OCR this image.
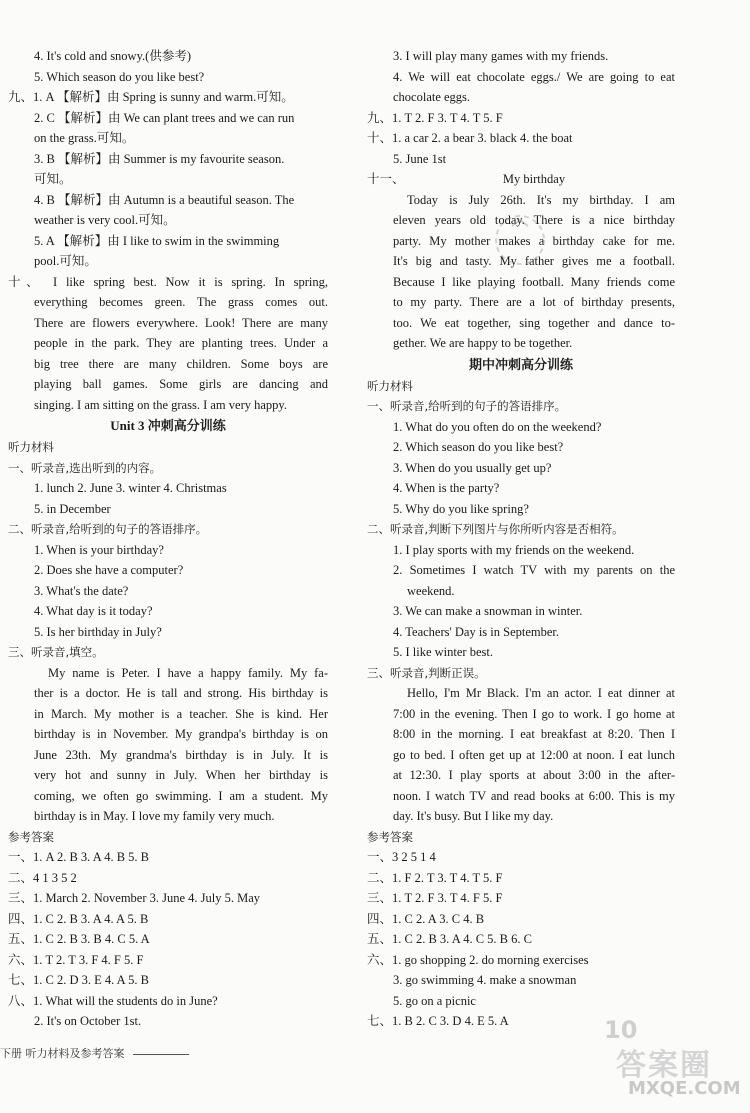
4. It's cold and snowy.(供参考)
5. Which season do you like best?
九、1. A 【解析】由 Spring is sunny and warm.可知。
2. C 【解析】由 We can plant trees and we can run
on the grass.可知。
3. B 【解析】由 Summer is my favourite season.
可知。
4. B 【解析】由 Autumn is a beautiful season. The
weather is very cool.可知。
5. A 【解析】由 I like to swim in the swimming
pool.可知。
十、 I like spring best. Now it is spring. In spring,
everything becomes green. The grass comes out.
There are flowers everywhere. Look! There are many
people in the park. They are planting trees. Under a
big tree there are many children. Some boys are
playing ball games. Some girls are dancing and
singing. I am sitting on the grass. I am very happy.
Unit 3 冲刺高分训练
听力材料
一、听录音,选出听到的内容。
1. lunch 2. June 3. winter 4. Christmas
5. in December
二、听录音,给听到的句子的答语排序。
1. When is your birthday?
2. Does she have a computer?
3. What's the date?
4. What day is it today?
5. Is her birthday in July?
三、听录音,填空。
My name is Peter. I have a happy family. My fa-
ther is a doctor. He is tall and strong. His birthday is
in March. My mother is a teacher. She is kind. Her
birthday is in November. My grandpa's birthday is on
June 23th. My grandma's birthday is in July. It is
very hot and sunny in July. When her birthday is
coming, we often go swimming. I am a student. My
birthday is in May. I love my family very much.
参考答案
一、1. A 2. B 3. A 4. B 5. B
二、4 1 3 5 2
三、1. March 2. November 3. June 4. July 5. May
四、1. C 2. B 3. A 4. A 5. B
五、1. C 2. B 3. B 4. C 5. A
六、1. T 2. T 3. F 4. F 5. F
七、1. C 2. D 3. E 4. A 5. B
八、1. What will the students do in June?
2. It's on October 1st.
3. I will play many games with my friends.
4. We will eat chocolate eggs./ We are going to eat
chocolate eggs.
九、1. T 2. F 3. T 4. T 5. F
十、1. a car 2. a bear 3. black 4. the boat
5. June 1st
十一、	My birthday
Today is July 26th. It's my birthday. I am
eleven years old today. There is a nice birthday
party. My mother makes a birthday cake for me.
It's big and tasty. My father gives me a football.
Because I like playing football. Many friends come
to my party. There are a lot of birthday presents,
too. We eat together, sing together and dance to-
gether. We are happy to be together.
期中冲刺高分训练
听力材料
一、听录音,给听到的句子的答语排序。
1. What do you often do on the weekend?
2. Which season do you like best?
3. When do you usually get up?
4. When is the party?
5. Why do you like spring?
二、听录音,判断下列图片与你所听内容是否相符。
1. I play sports with my friends on the weekend.
2. Sometimes I watch TV with my parents on the
weekend.
3. We can make a snowman in winter.
4. Teachers' Day is in September.
5. I like winter best.
三、听录音,判断正误。
Hello, I'm Mr Black. I'm an actor. I eat dinner at
7:00 in the evening. Then I go to work. I go home at
8:00 in the morning. I eat breakfast at 8:20. Then I
go to bed. I often get up at 12:00 at noon. I eat lunch
at 12:30. I play sports at about 3:00 in the after-
noon. I watch TV and read books at 6:00. This is my
day. It's busy. But I like my day.
参考答案
一、3 2 5 1 4
二、1. F 2. T 3. T 4. T 5. F
三、1. T 2. F 3. T 4. F 5. F
四、1. C 2. A 3. C 4. B
五、1. C 2. B 3. A 4. C 5. B 6. C
六、1. go shopping 2. do morning exercises
3. go swimming 4. make a snowman
5. go on a picnic
七、1. B 2. C 3. D 4. E 5. A
下册 听力材料及参考答案
10
答案圈
MXQE.COM
